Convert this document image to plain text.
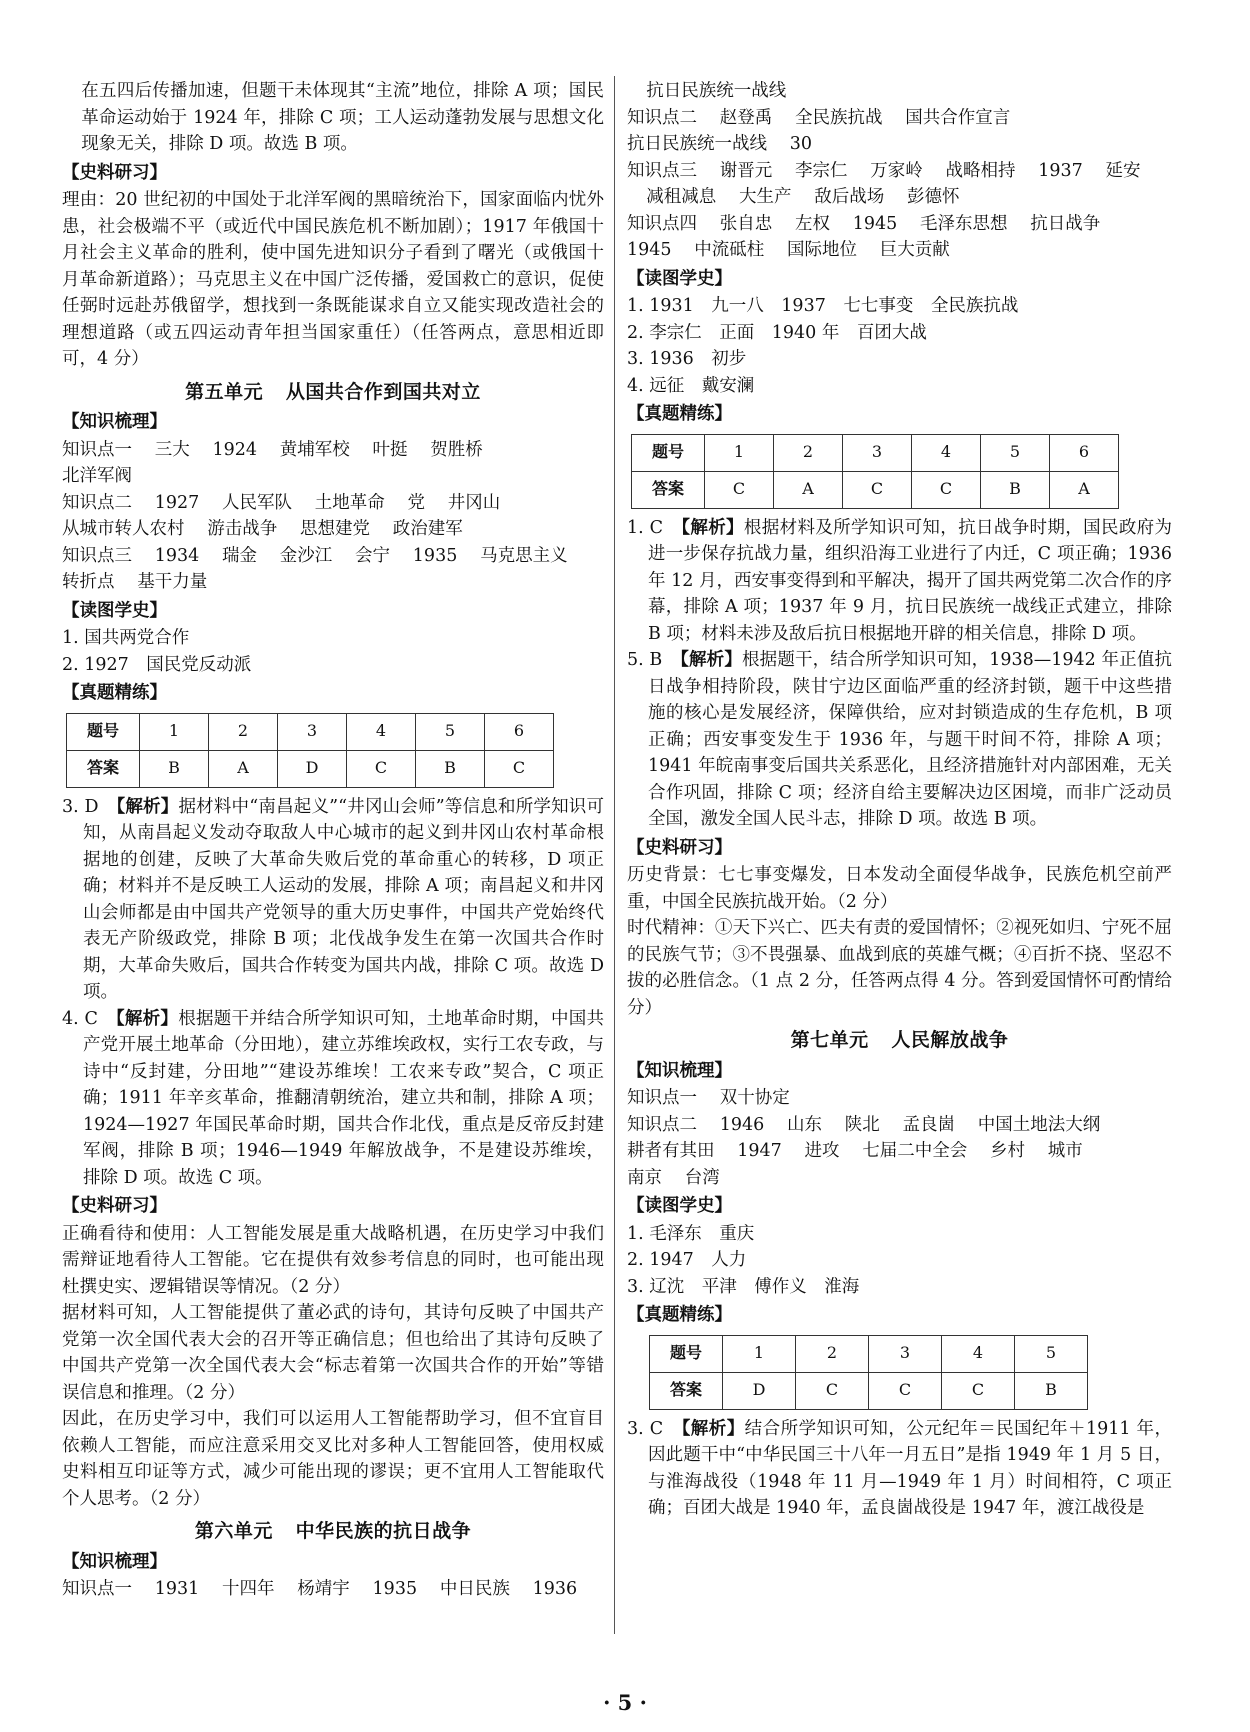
在五四后传播加速，但题干未体现其“主流”地位，排除 A 项；国民革命运动始于 1924 年，排除 C 项；工人运动蓬勃发展与思想文化现象无关，排除 D 项。故选 B 项。

【史料研习】

理由：20 世纪初的中国处于北洋军阀的黑暗统治下，国家面临内忧外患，社会极端不平（或近代中国民族危机不断加剧）；1917 年俄国十月社会主义革命的胜利，使中国先进知识分子看到了曙光（或俄国十月革命新道路）；马克思主义在中国广泛传播，爱国救亡的意识，促使任弼时远赴苏俄留学，想找到一条既能谋求自立又能实现改造社会的理想道路（或五四运动青年担当国家重任）（任答两点，意思相近即可，4 分）

第五单元 从国共合作到国共对立

【知识梳理】

知识点一 三大 1924 黄埔军校 叶挺 贺胜桥

北洋军阀

知识点二 1927 人民军队 土地革命 党 井冈山

从城市转人农村 游击战争 思想建党 政治建军

知识点三 1934 瑞金 金沙江 会宁 1935 马克思主义

转折点 基干力量

【读图学史】

1. 国共两党合作

2. 1927　国民党反动派

【真题精练】

题号	1	2	3	4	5	6
答案	B	A	D	C	B	C

3. D　 【解析】据材料中“南昌起义”“井冈山会师”等信息和所学知识可知，从南昌起义发动夺取敌人中心城市的起义到井冈山农村革命根据地的创建，反映了大革命失败后党的革命重心的转移，D 项正确；材料并不是反映工人运动的发展，排除 A 项；南昌起义和井冈山会师都是由中国共产党领导的重大历史事件，中国共产党始终代表无产阶级政党，排除 B 项；北伐战争发生在第一次国共合作时期，大革命失败后，国共合作转变为国共内战，排除 C 项。故选 D 项。

4. C　 【解析】根据题干并结合所学知识可知，土地革命时期，中国共产党开展土地革命（分田地），建立苏维埃政权，实行工农专政，与诗中“反封建，分田地”“建设苏维埃！工农来专政”契合，C 项正确；1911 年辛亥革命，推翻清朝统治，建立共和制，排除 A 项；1924—1927 年国民革命时期，国共合作北伐，重点是反帝反封建军阀，排除 B 项；1946—1949 年解放战争，不是建设苏维埃，排除 D 项。故选 C 项。

【史料研习】

正确看待和使用：人工智能发展是重大战略机遇，在历史学习中我们需辩证地看待人工智能。它在提供有效参考信息的同时，也可能出现杜撰史实、逻辑错误等情况。（2 分）

据材料可知，人工智能提供了董必武的诗句，其诗句反映了中国共产党第一次全国代表大会的召开等正确信息；但也给出了其诗句反映了中国共产党第一次全国代表大会“标志着第一次国共合作的开始”等错误信息和推理。（2 分）

因此，在历史学习中，我们可以运用人工智能帮助学习，但不宜盲目依赖人工智能，而应注意采用交叉比对多种人工智能回答，使用权威史料相互印证等方式，减少可能出现的谬误；更不宜用人工智能取代个人思考。（2 分）

第六单元 中华民族的抗日战争

【知识梳理】

知识点一 1931 十四年 杨靖宇 1935 中日民族 1936

抗日民族统一战线

知识点二 赵登禹 全民族抗战 国共合作宣言

抗日民族统一战线 30

知识点三 谢晋元 李宗仁 万家岭 战略相持 1937 延安

减租减息 大生产 敌后战场 彭德怀

知识点四 张自忠 左权 1945 毛泽东思想 抗日战争

1945 中流砥柱 国际地位 巨大贡献

【读图学史】

1. 1931　九一八　1937　七七事变　全民族抗战

2. 李宗仁　正面　1940 年　百团大战

3. 1936　初步

4. 远征　戴安澜

【真题精练】

题号	1	2	3	4	5	6
答案	C	A	C	C	B	A

1. C　 【解析】根据材料及所学知识可知，抗日战争时期，国民政府为进一步保存抗战力量，组织沿海工业进行了内迁，C 项正确；1936 年 12 月，西安事变得到和平解决，揭开了国共两党第二次合作的序幕，排除 A 项；1937 年 9 月，抗日民族统一战线正式建立，排除 B 项；材料未涉及敌后抗日根据地开辟的相关信息，排除 D 项。

5. B　 【解析】根据题干，结合所学知识可知，1938—1942 年正值抗日战争相持阶段，陕甘宁边区面临严重的经济封锁，题干中这些措施的核心是发展经济，保障供给，应对封锁造成的生存危机，B 项正确；西安事变发生于 1936 年，与题干时间不符，排除 A 项；1941 年皖南事变后国共关系恶化，且经济措施针对内部困难，无关合作巩固，排除 C 项；经济自给主要解决边区困境，而非广泛动员全国，激发全国人民斗志，排除 D 项。故选 B 项。

【史料研习】

历史背景：七七事变爆发，日本发动全面侵华战争，民族危机空前严重，中国全民族抗战开始。（2 分）

时代精神：①天下兴亡、匹夫有责的爱国情怀；②视死如归、宁死不屈的民族气节；③不畏强暴、血战到底的英雄气概；④百折不挠、坚忍不拔的必胜信念。（1 点 2 分，任答两点得 4 分。答到爱国情怀可酌情给分）

第七单元 人民解放战争

【知识梳理】

知识点一 双十协定

知识点二 1946 山东 陕北 孟良崮 中国土地法大纲

耕者有其田 1947 进攻 七届二中全会 乡村 城市

南京 台湾

【读图学史】

1. 毛泽东　重庆

2. 1947　人力

3. 辽沈　平津　傅作义　淮海

【真题精练】

题号	1	2	3	4	5
答案	D	C	C	C	B

3. C　 【解析】结合所学知识可知，公元纪年＝民国纪年＋1911 年，因此题干中“中华民国三十八年一月五日”是指 1949 年 1 月 5 日，与淮海战役（1948 年 11 月—1949 年 1 月）时间相符，C 项正确；百团大战是 1940 年，孟良崮战役是 1947 年，渡江战役是

· 5 ·
